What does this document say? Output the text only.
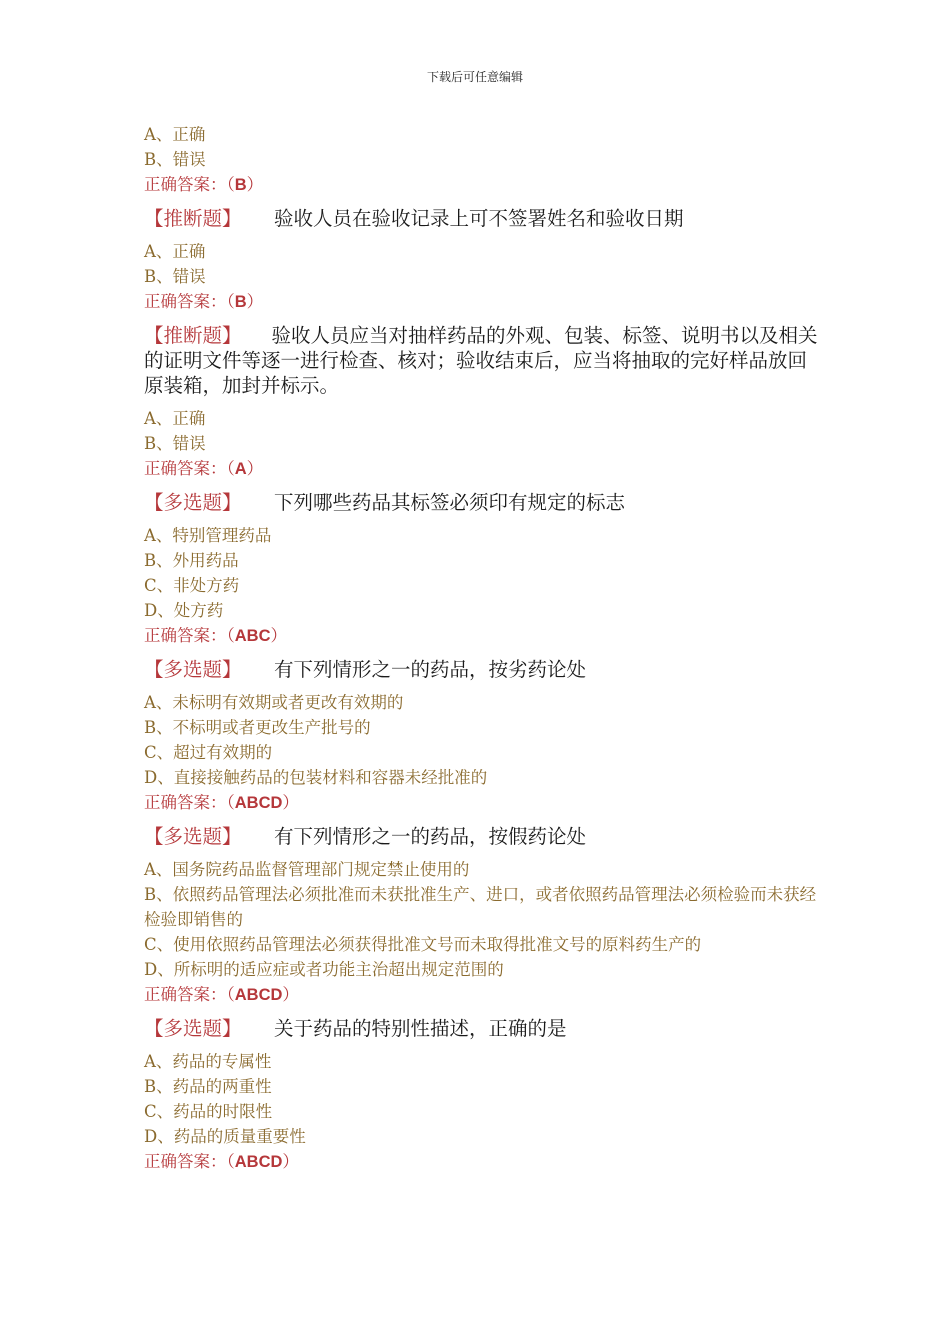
下载后可任意编辑
A、正确
B、错误
正确答案：（B）
【推断题】	验收人员在验收记录上可不签署姓名和验收日期
A、正确
B、错误
正确答案：（B）
【推断题】 验收人员应当对抽样药品的外观、包装、标签、说明书以及相关的证明文件等逐一进行检查、核对；验收结束后，应当将抽取的完好样品放回原装箱，加封并标示。
A、正确
B、错误
正确答案：（A）
【多选题】	下列哪些药品其标签必须印有规定的标志
A、特别管理药品
B、外用药品
C、非处方药
D、处方药
正确答案：（ABC）
【多选题】	有下列情形之一的药品，按劣药论处
A、未标明有效期或者更改有效期的
B、不标明或者更改生产批号的
C、超过有效期的
D、直接接触药品的包装材料和容器未经批准的
正确答案：（ABCD）
【多选题】	有下列情形之一的药品，按假药论处
A、国务院药品监督管理部门规定禁止使用的
B、依照药品管理法必须批准而未获批准生产、进口，或者依照药品管理法必须检验而未获经检验即销售的
C、使用依照药品管理法必须获得批准文号而未取得批准文号的原料药生产的
D、所标明的适应症或者功能主治超出规定范围的
正确答案：（ABCD）
【多选题】	关于药品的特别性描述，正确的是
A、药品的专属性
B、药品的两重性
C、药品的时限性
D、药品的质量重要性
正确答案：（ABCD）
